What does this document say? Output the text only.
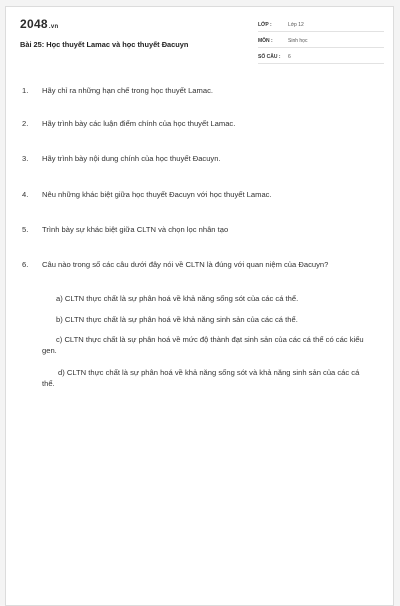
2048.vn
Bài 25: Học thuyết Lamac và học thuyết Đacuyn
LỚP :	Lớp 12
MÔN :	Sinh học
SỐ CÂU : 6
1.	Hãy chỉ ra những hạn chế trong học thuyết Lamac.
2.	Hãy trình bày các luận điểm chính của học thuyết Lamac.
3.	Hãy trình bày nội dung chính của học thuyết Đacuyn.
4.	Nêu những khác biệt giữa học thuyết Đacuyn với học thuyết Lamac.
5.	Trình bày sự khác biệt giữa CLTN và chọn lọc nhân tạo
6.	Câu nào trong số các câu dưới đây nói về CLTN là đúng với quan niệm của Đacuyn?
a) CLTN thực chất là sự phân hoá về khả năng sống sót của các cá thể.
b) CLTN thực chất là sự phân hoá về khả năng sinh sản của các cá thể.
c) CLTN thực chất là sự phân hoá về mức độ thành đạt sinh sản của các cá thể có các kiểu gen.
d) CLTN thực chất là sự phân hoá về khả năng sống sót và khả năng sinh sản của các cá thể.
